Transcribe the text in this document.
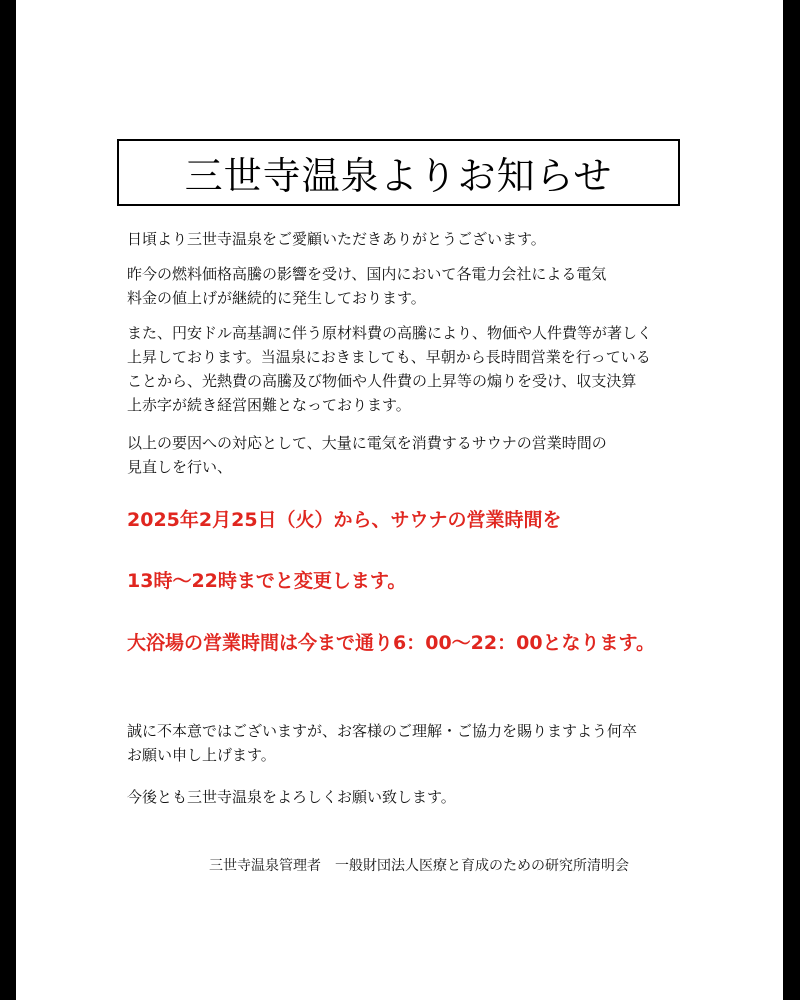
三世寺温泉よりお知らせ
日頃より三世寺温泉をご愛顧いただきありがとうございます。
昨今の燃料価格高騰の影響を受け、国内において各電力会社による電気
料金の値上げが継続的に発生しております。
また、円安ドル高基調に伴う原材料費の高騰により、物価や人件費等が著しく
上昇しております。当温泉におきましても、早朝から長時間営業を行っている
ことから、光熱費の高騰及び物価や人件費の上昇等の煽りを受け、収支決算
上赤字が続き経営困難となっております。
以上の要因への対応として、大量に電気を消費するサウナの営業時間の
見直しを行い、
2025年2月25日（火）から、サウナの営業時間を
13時～22時までと変更します。
大浴場の営業時間は今まで通り6：00～22：00となります。
誠に不本意ではございますが、お客様のご理解・ご協力を賜りますよう何卒
お願い申し上げます。
今後とも三世寺温泉をよろしくお願い致します。
三世寺温泉管理者　一般財団法人医療と育成のための研究所清明会
